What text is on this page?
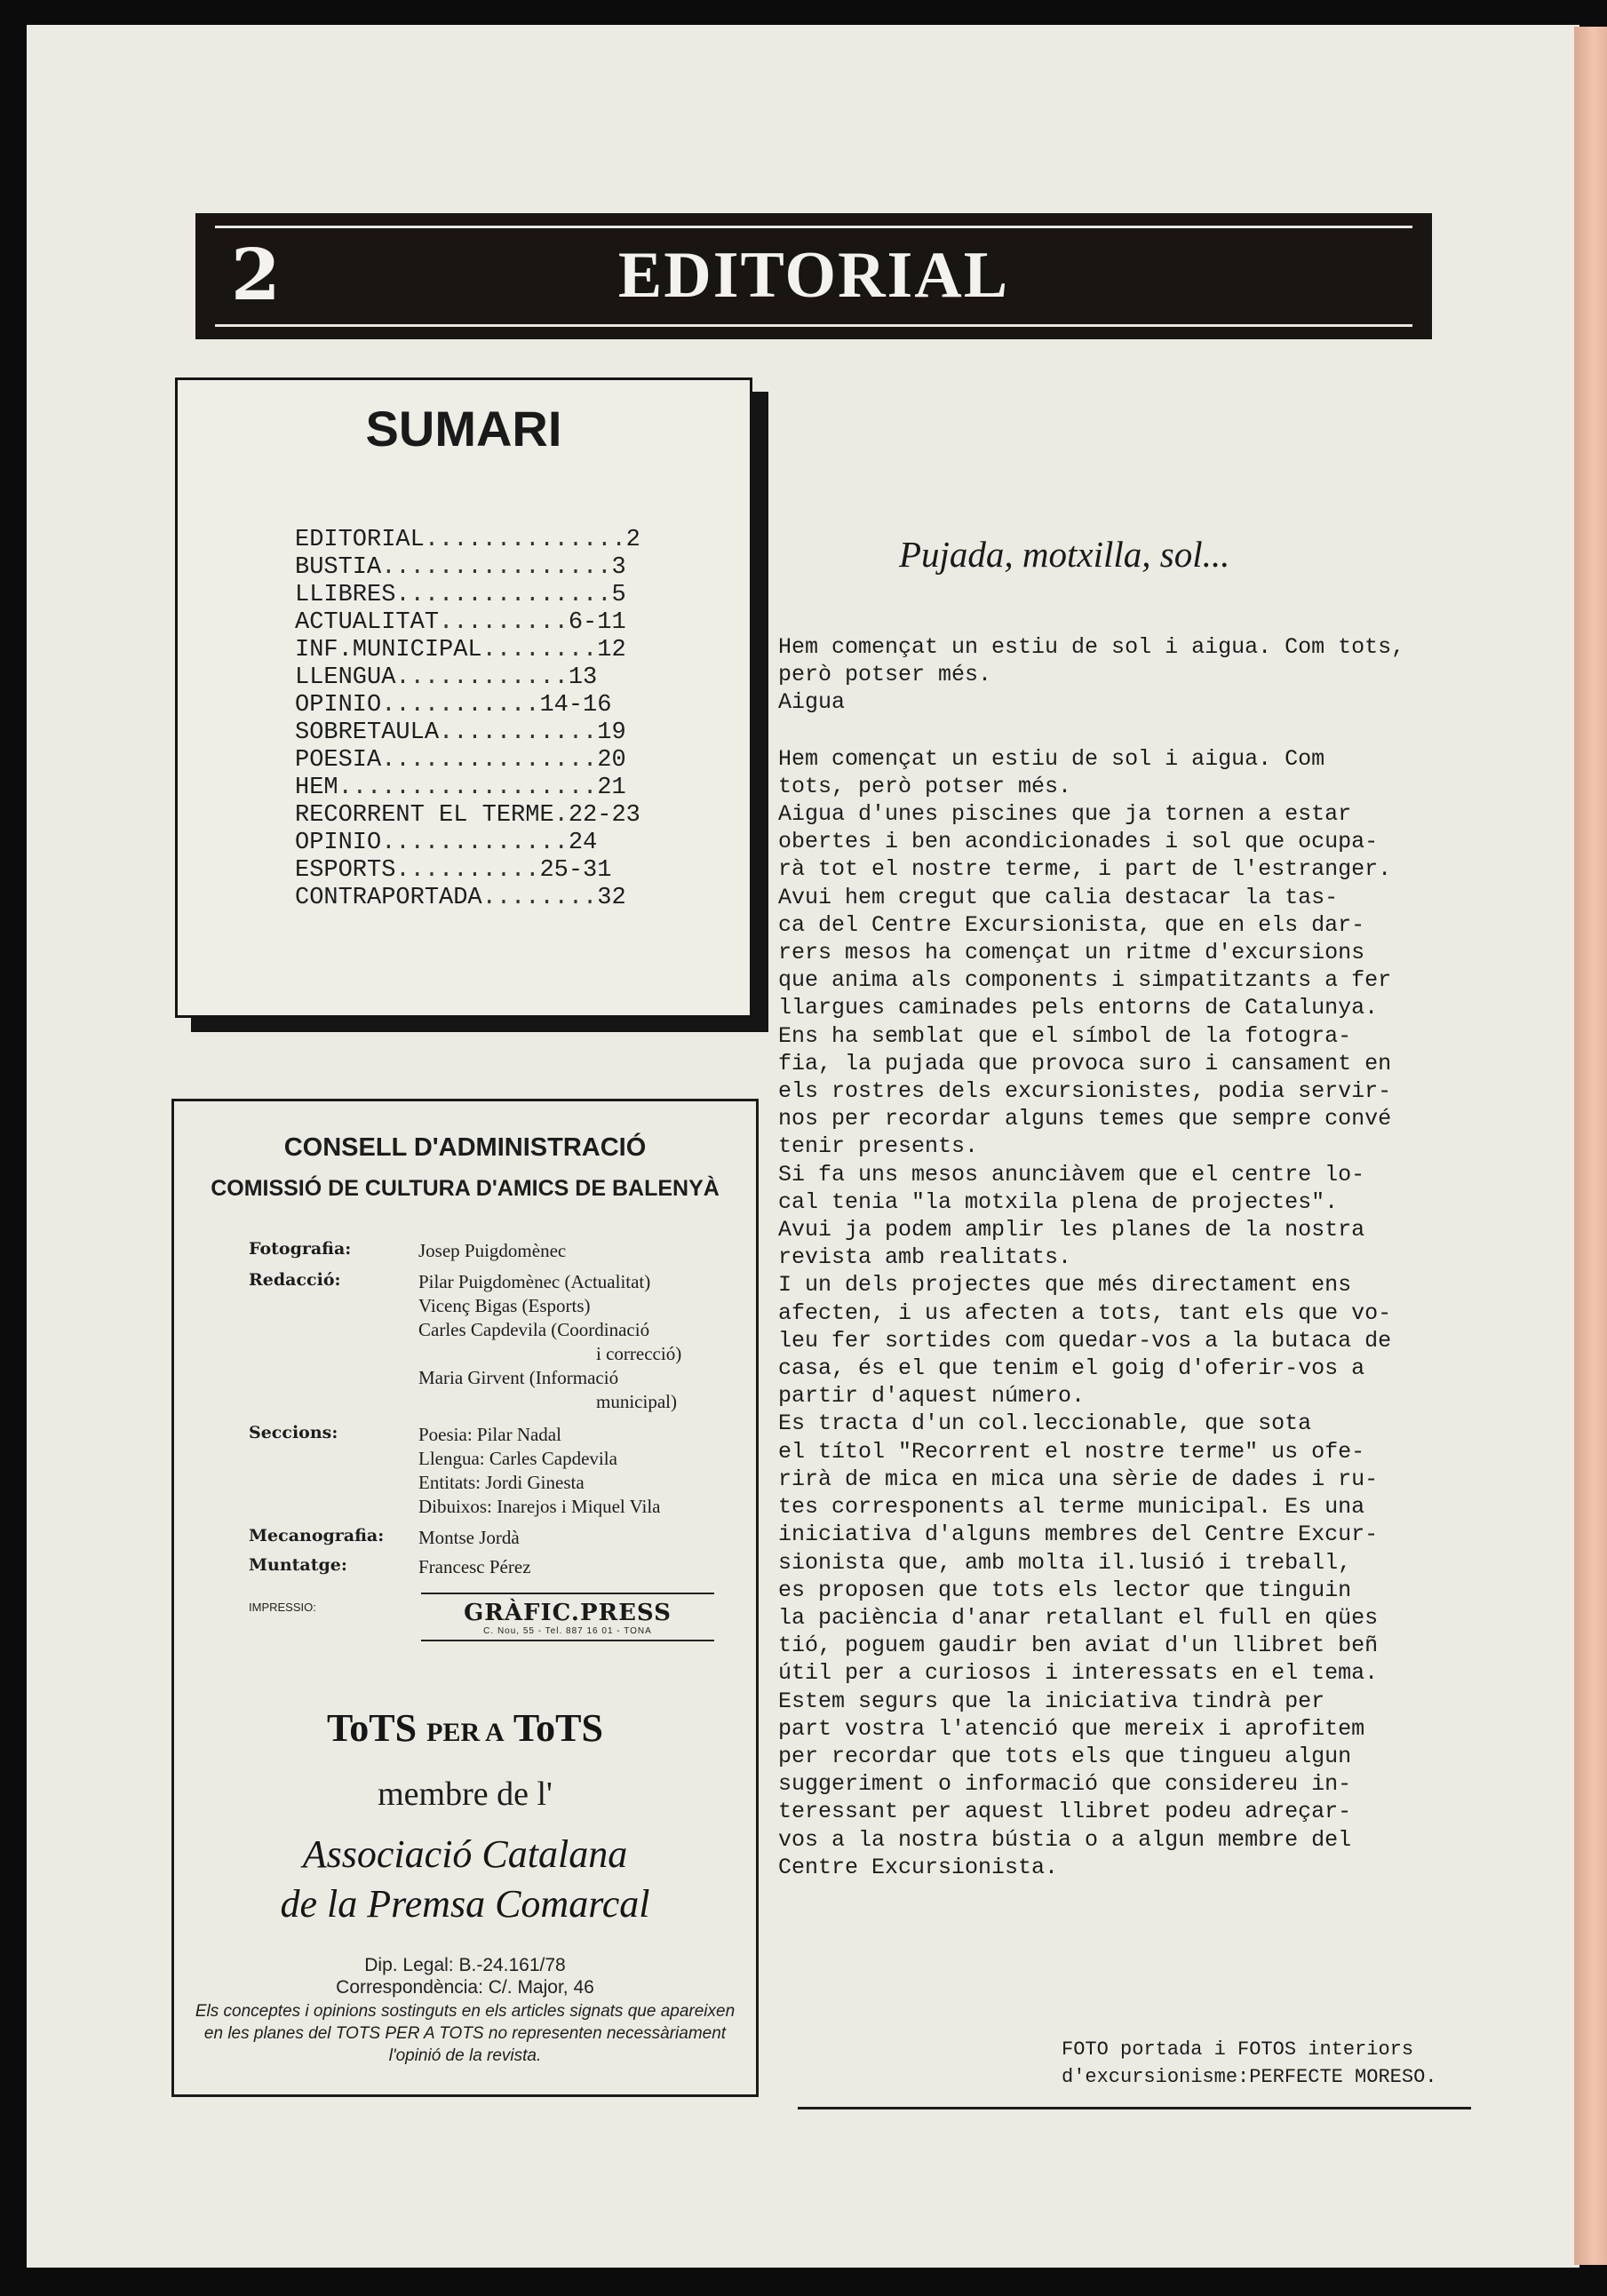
2	EDITORIAL
SUMARI
EDITORIAL..............2
BUSTIA................3
LLIBRES...............5
ACTUALITAT.........6-11
INF.MUNICIPAL........12
LLENGUA............13
OPINIO...........14-16
SOBRETAULA...........19
POESIA...............20
HEM..................21
RECORRENT EL TERME.22-23
OPINIO.............24
ESPORTS..........25-31
CONTRAPORTADA........32
CONSELL D'ADMINISTRACIÓ
COMISSIÓ DE CULTURA D'AMICS DE BALENYÀ
Fotografia:	Josep Puigdomènec
Redacció:	Pilar Puigdomènec (Actualitat)
Vicenç Bigas (Esports)
Carles Capdevila (Coordinació
i correcció)
Maria Girvent (Informació
municipal)
Seccions:	Poesia: Pilar Nadal
Llengua: Carles Capdevila
Entitats: Jordi Ginesta
Dibuixos: Inarejos i Miquel Vila
Mecanografia: Montse Jordà
Muntatge:	Francesc Pérez
IMPRESSIO:	GRÀFIC.PRESS
C. Nou, 55 - Tel. 887 16 01 - TONA
ToTS PER A ToTS
membre de l'
Associació Catalana
de la Premsa Comarcal
Dip. Legal: B.-24.161/78
Correspondència: C/. Major, 46
Els conceptes i opinions sostinguts en els articles signats que apareixen en les planes del TOTS PER A TOTS no representen necessàriament l'opinió de la revista.
Pujada, motxilla, sol...
Hem començat un estiu de sol i aigua. Com tots,
però potser més.
Aigua
Hem començat un estiu de sol i aigua. Com
tots, però potser més.
Aigua d'unes piscines que ja tornen a estar
obertes i ben acondicionades i sol que ocupa-
rà tot el nostre terme, i part de l'estranger.
Avui hem cregut que calia destacar la tas-
ca del Centre Excursionista, que en els dar-
rers mesos ha començat un ritme d'excursions
que anima als components i simpatitzants a fer
llargues caminades pels entorns de Catalunya.
Ens ha semblat que el símbol de la fotogra-
fia, la pujada que provoca suro i cansament en
els rostres dels excursionistes, podia servir-
nos per recordar alguns temes que sempre convé
tenir presents.
Si fa uns mesos anunciàvem que el centre lo-
cal tenia "la motxila plena de projectes".
Avui ja podem amplir les planes de la nostra
revista amb realitats.
I un dels projectes que més directament ens
afecten, i us afecten a tots, tant els que vo-
leu fer sortides com quedar-vos a la butaca de
casa, és el que tenim el goig d'oferir-vos a
partir d'aquest número.
Es tracta d'un col.leccionable, que sota
el títol "Recorrent el nostre terme" us ofe-
rirà de mica en mica una sèrie de dades i ru-
tes corresponents al terme municipal. Es una
iniciativa d'alguns membres del Centre Excur-
sionista que, amb molta il.lusió i treball,
es proposen que tots els lector que tinguin
la paciència d'anar retallant el full en qües
tió, poguem gaudir ben aviat d'un llibret beñ
útil per a curiosos i interessats en el tema.
Estem segurs que la iniciativa tindrà per
part vostra l'atenció que mereix i aprofitem
per recordar que tots els que tingueu algun
suggeriment o informació que considereu in-
teressant per aquest llibret podeu adreçar-
vos a la nostra bústia o a algun membre del
Centre Excursionista.
FOTO portada i FOTOS interiors
d'excursionisme:PERFECTE MORESO.
